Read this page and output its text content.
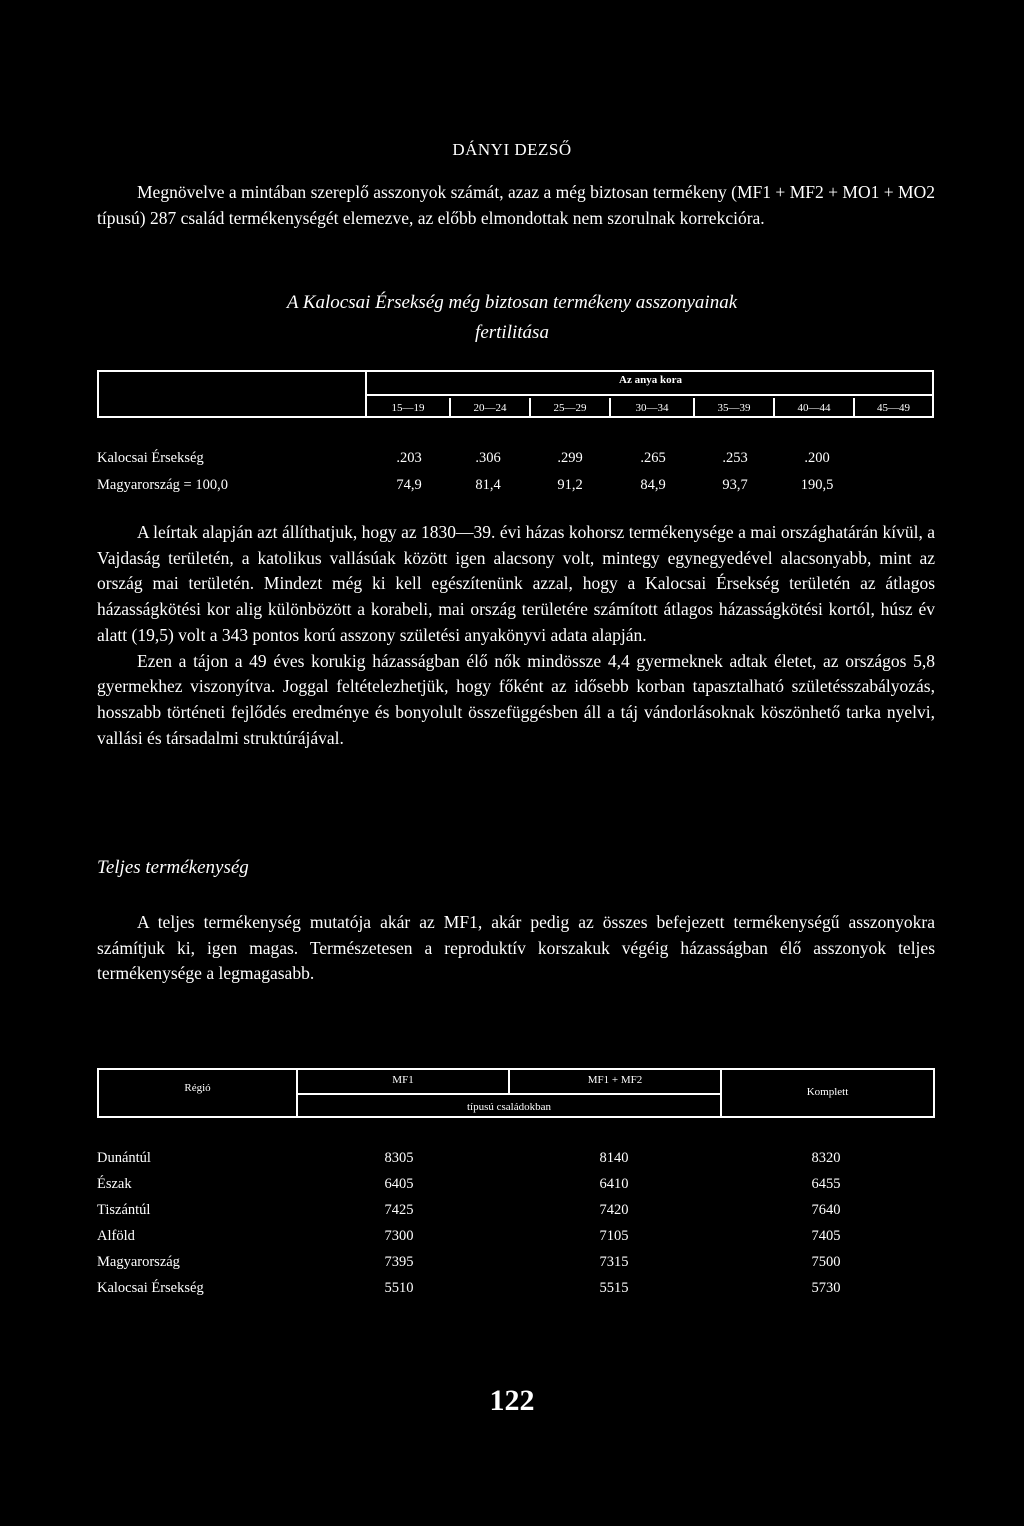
DÁNYI DEZSŐ
Megnövelve a mintában szereplő asszonyok számát, azaz a még biztosan termékeny (MF1 + MF2 + MO1 + MO2 típusú) 287 család termékenységét elemezve, az előbb elmondottak nem szorulnak korrekcióra.
A Kalocsai Érsekség még biztosan termékeny asszonyainak
fertilitása
Az anya kora
15—19	20—24	25—29	30—34	35—39	40—44	45—49
Kalocsai Érsekség	.203	.306	.299	.265	.253	.200
Magyarország = 100,0	74,9	81,4	91,2	84,9	93,7	190,5

A leírtak alapján azt állíthatjuk, hogy az 1830—39. évi házas kohorsz termékenysége a mai országhatárán kívül, a Vajdaság területén, a katolikus vallásúak között igen alacsony volt, mintegy egynegyedével alacsonyabb, mint az ország mai területén. Mindezt még ki kell egészítenünk azzal, hogy a Kalocsai Érsekség területén az átlagos házasságkötési kor alig különbözött a korabeli, mai ország területére számított átlagos házasságkötési kortól, húsz év alatt (19,5) volt a 343 pontos korú asszony születési anyakönyvi adata alapján.

Ezen a tájon a 49 éves korukig házasságban élő nők mindössze 4,4 gyermeknek adtak életet, az országos 5,8 gyermekhez viszonyítva. Joggal feltételezhetjük, hogy főként az idősebb korban tapasztalható születésszabályozás, hosszabb történeti fejlődés eredménye és bonyolult összefüggésben áll a táj vándorlásoknak köszönhető tarka nyelvi, vallási és társadalmi struktúrájával.

Teljes termékenység
A teljes termékenység mutatója akár az MF1, akár pedig az összes befejezett termékenységű asszonyokra számítjuk ki, igen magas. Természetesen a reproduktív korszakuk végéig házasságban élő asszonyok teljes termékenysége a legmagasabb.
Régió
MF1	MF1 + MF2
típusú családokban
Komplett
Dunántúl	8305	8140	8320
Észak	6405	6410	6455
Tiszántúl	7425	7420	7640
Alföld	7300	7105	7405
Magyarország	7395	7315	7500
Kalocsai Érsekség	5510	5515	5730
122
